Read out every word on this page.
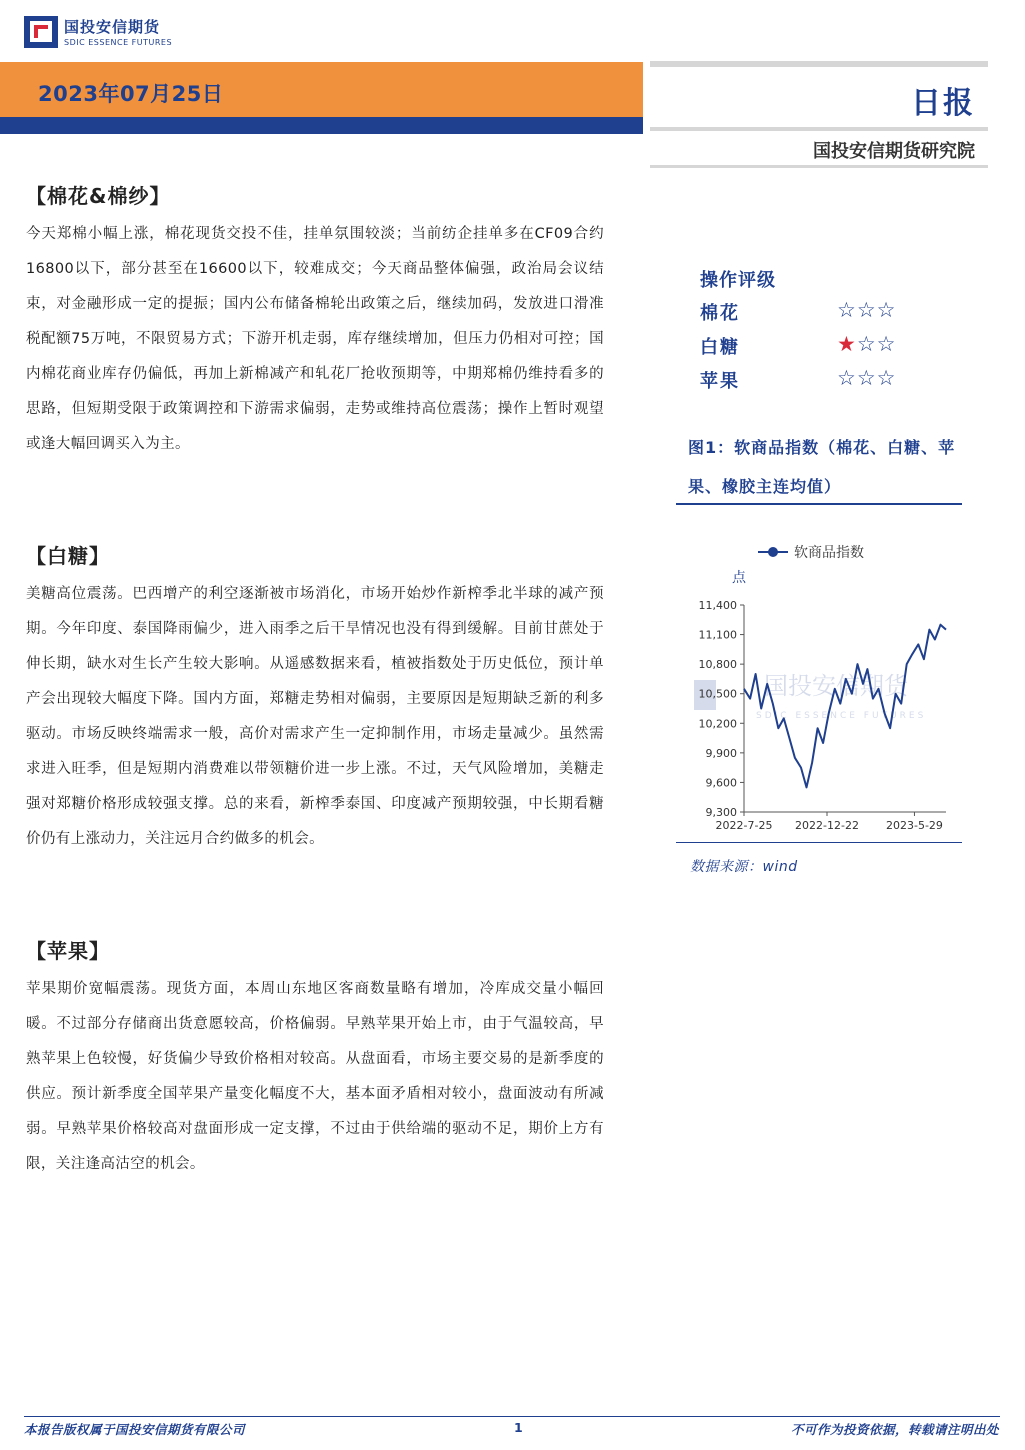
国投安信期货
SDIC ESSENCE FUTURES
2023年07月25日	日报
国投安信期货研究院
【棉花&棉纱】
今天郑棉小幅上涨，棉花现货交投不佳，挂单氛围较淡；当前纺企挂单多在CF09合约16800以下，部分甚至在16600以下，较难成交；今天商品整体偏强，政治局会议结束，对金融形成一定的提振；国内公布储备棉轮出政策之后，继续加码，发放进口滑准税配额75万吨，不限贸易方式；下游开机走弱，库存继续增加，但压力仍相对可控；国内棉花商业库存仍偏低，再加上新棉减产和轧花厂抢收预期等，中期郑棉仍维持看多的思路，但短期受限于政策调控和下游需求偏弱，走势或维持高位震荡；操作上暂时观望或逢大幅回调买入为主。
【白糖】
美糖高位震荡。巴西增产的利空逐渐被市场消化，市场开始炒作新榨季北半球的减产预期。今年印度、泰国降雨偏少，进入雨季之后干旱情况也没有得到缓解。目前甘蔗处于伸长期，缺水对生长产生较大影响。从遥感数据来看，植被指数处于历史低位，预计单产会出现较大幅度下降。国内方面，郑糖走势相对偏弱，主要原因是短期缺乏新的利多驱动。市场反映终端需求一般，高价对需求产生一定抑制作用，市场走量减少。虽然需求进入旺季，但是短期内消费难以带领糖价进一步上涨。不过，天气风险增加，美糖走强对郑糖价格形成较强支撑。总的来看，新榨季泰国、印度减产预期较强，中长期看糖价仍有上涨动力，关注远月合约做多的机会。
【苹果】
苹果期价宽幅震荡。现货方面，本周山东地区客商数量略有增加，冷库成交量小幅回暖。不过部分存储商出货意愿较高，价格偏弱。早熟苹果开始上市，由于气温较高，早熟苹果上色较慢，好货偏少导致价格相对较高。从盘面看，市场主要交易的是新季度的供应。预计新季度全国苹果产量变化幅度不大，基本面矛盾相对较小，盘面波动有所减弱。早熟苹果价格较高对盘面形成一定支撑，不过由于供给端的驱动不足，期价上方有限，关注逢高沽空的机会。
操作评级
棉花	☆☆☆
白糖	★☆☆
苹果	☆☆☆
图1：软商品指数（棉花、白糖、苹果、橡胶主连均值）
国投安信期货
SDIC ESSENCE FUTURES
软商品指数
点
9,300
9,600
9,900
10,200
10,500
10,800
11,100
11,400
2022-7-25 2022-12-22 2023-5-29
数据来源：wind
本报告版权属于国投安信期货有限公司	1	不可作为投资依据，转载请注明出处
